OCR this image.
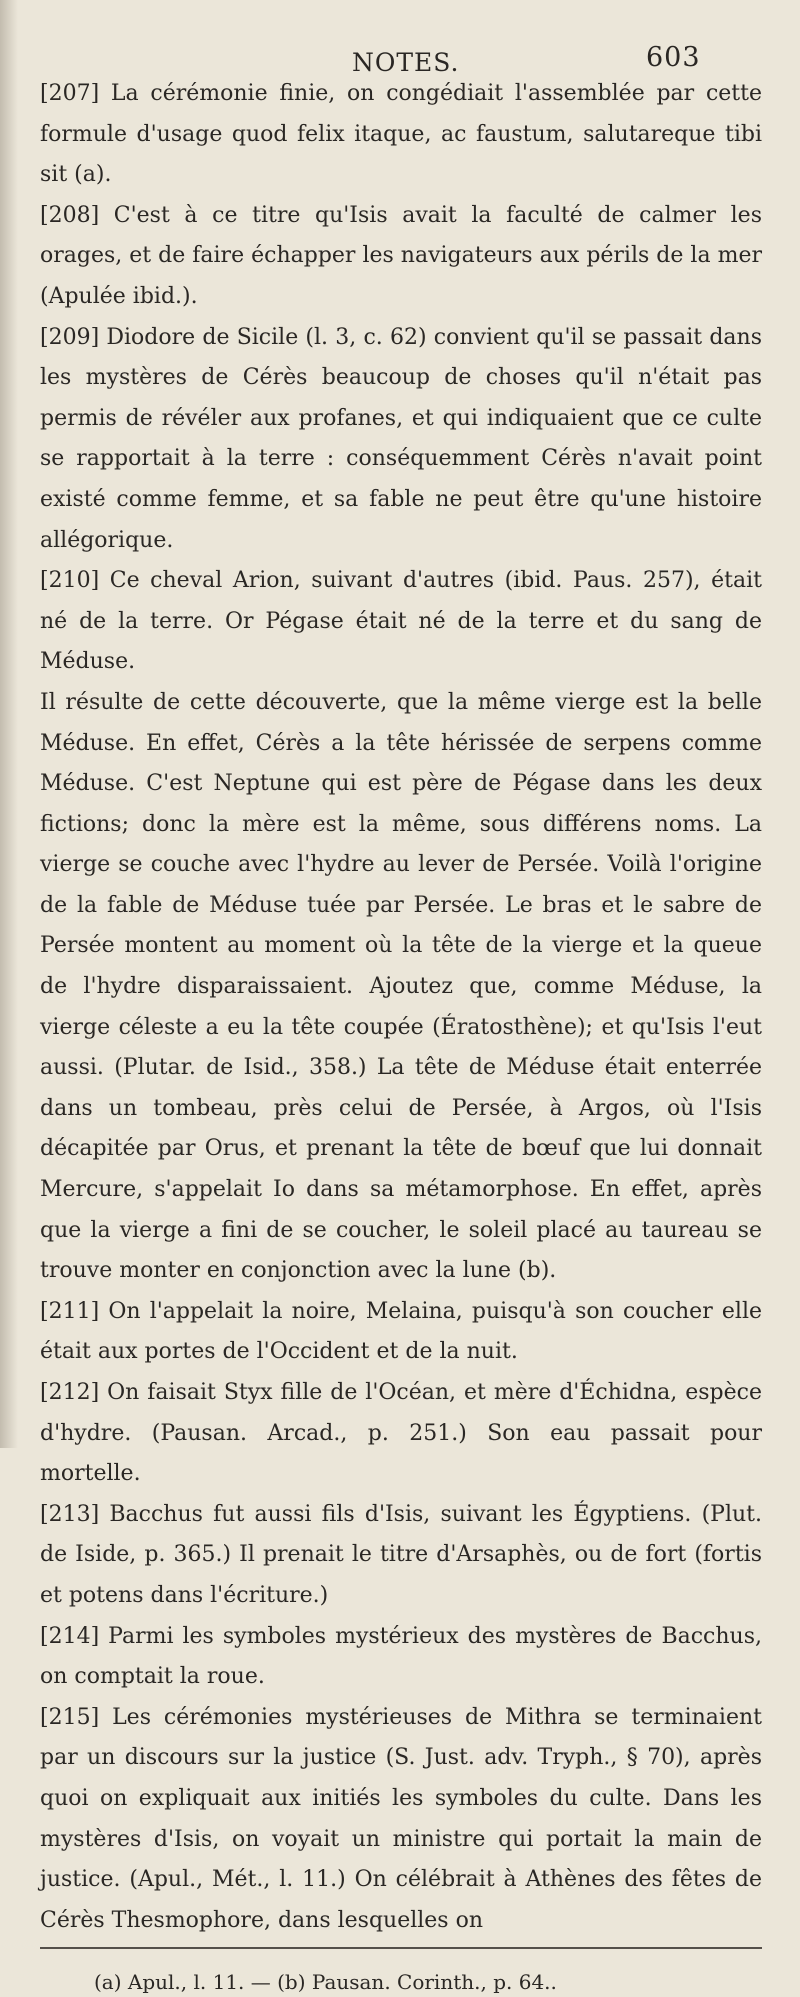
NOTES.	603

[207] La cérémonie finie, on congédiait l'assemblée par cette formule d'usage quod felix itaque, ac faustum, salutareque tibi sit (a).

[208] C'est à ce titre qu'Isis avait la faculté de calmer les orages, et de faire échapper les navigateurs aux périls de la mer (Apulée ibid.).

[209] Diodore de Sicile (l. 3, c. 62) convient qu'il se passait dans les mystères de Cérès beaucoup de choses qu'il n'était pas permis de révéler aux profanes, et qui indiquaient que ce culte se rapportait à la terre : conséquemment Cérès n'avait point existé comme femme, et sa fable ne peut être qu'une histoire allégorique.

[210] Ce cheval Arion, suivant d'autres (ibid. Paus. 257), était né de la terre. Or Pégase était né de la terre et du sang de Méduse.

Il résulte de cette découverte, que la même vierge est la belle Méduse. En effet, Cérès a la tête hérissée de serpens comme Méduse. C'est Neptune qui est père de Pégase dans les deux fictions; donc la mère est la même, sous différens noms. La vierge se couche avec l'hydre au lever de Persée. Voilà l'origine de la fable de Méduse tuée par Persée. Le bras et le sabre de Persée montent au moment où la tête de la vierge et la queue de l'hydre disparaissaient. Ajoutez que, comme Méduse, la vierge céleste a eu la tête coupée (Ératosthène); et qu'Isis l'eut aussi. (Plutar. de Isid., 358.) La tête de Méduse était enterrée dans un tombeau, près celui de Persée, à Argos, où l'Isis décapitée par Orus, et prenant la tête de bœuf que lui donnait Mercure, s'appelait Io dans sa métamorphose. En effet, après que la vierge a fini de se coucher, le soleil placé au taureau se trouve monter en conjonction avec la lune (b).

[211] On l'appelait la noire, Melaina, puisqu'à son coucher elle était aux portes de l'Occident et de la nuit.

[212] On faisait Styx fille de l'Océan, et mère d'Échidna, espèce d'hydre. (Pausan. Arcad., p. 251.) Son eau passait pour mortelle.

[213] Bacchus fut aussi fils d'Isis, suivant les Égyptiens. (Plut. de Iside, p. 365.) Il prenait le titre d'Arsaphès, ou de fort (fortis et potens dans l'écriture.)

[214] Parmi les symboles mystérieux des mystères de Bacchus, on comptait la roue.

[215] Les cérémonies mystérieuses de Mithra se terminaient par un discours sur la justice (S. Just. adv. Tryph., § 70), après quoi on expliquait aux initiés les symboles du culte. Dans les mystères d'Isis, on voyait un ministre qui portait la main de justice. (Apul., Mét., l. 11.) On célébrait à Athènes des fêtes de Cérès Thesmophore, dans lesquelles on

(a) Apul., l. 11. — (b) Pausan. Corinth., p. 64..
